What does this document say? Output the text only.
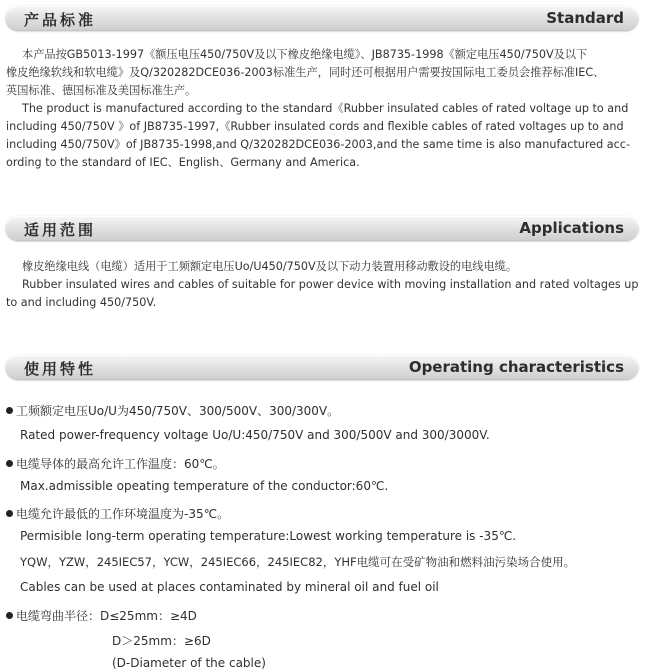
产品标准	Standard
本产品按GB5013-1997《额压电压450/750V及以下橡皮绝缘电缆》、JB8735-1998《额定电压450/750V及以下
橡皮绝缘软线和软电缆》及Q/320282DCE036-2003标准生产，同时还可根据用户需要按国际电工委员会推荐标准IEC、
英国标准、德国标准及美国标准生产。
The product is manufactured according to the standard《Rubber insulated cables of rated voltage up to and
including 450/750V 》of JB8735-1997,《Rubber insulated cords and flexible cables of rated voltages up to and
including 450/750V》of JB8735-1998,and Q/320282DCE036-2003,and the same time is also manufactured acc-
ording to the standard of IEC、English、Germany and America.
适用范围	Applications
橡皮绝缘电线（电缆）适用于工频额定电压Uo/U450/750V及以下动力装置用移动敷设的电线电缆。
Rubber insulated wires and cables of suitable for power device with moving installation and rated voltages up
to and including 450/750V.
使用特性	Operating characteristics
工频额定电压Uo/U为450/750V、300/500V、300/300V。
Rated power-frequency voltage Uo/U:450/750V and 300/500V and 300/3000V.
电缆导体的最高允许工作温度：60℃。
Max.admissible opeating temperature of the conductor:60℃.
电缆允许最低的工作环境温度为-35℃。
Permisible long-term operating temperature:Lowest working temperature is -35℃.
YQW，YZW，245IEC57，YCW，245IEC66，245IEC82，YHF电缆可在受矿物油和燃料油污染场合使用。
Cables can be used at places contaminated by mineral oil and fuel oil
电缆弯曲半径：D≤25mm：≥4D
D＞25mm：≥6D
(D-Diameter of the cable)
